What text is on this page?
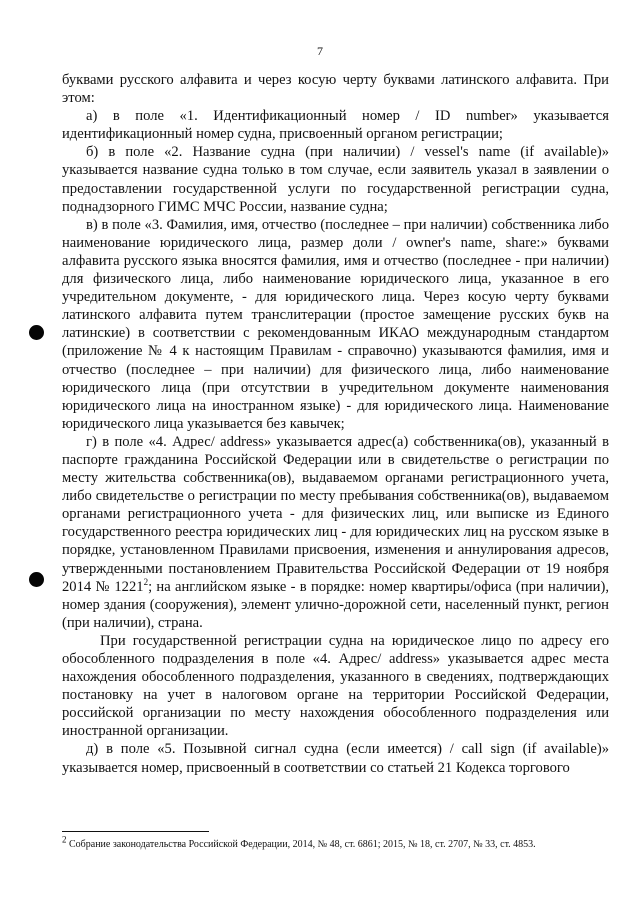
7

буквами русского алфавита и через косую черту буквами латинского алфавита. При этом:

а) в поле «1. Идентификационный номер / ID number» указывается идентификационный номер судна, присвоенный органом регистрации;

б) в поле «2. Название судна (при наличии) / vessel's name (if available)» указывается название судна только в том случае, если заявитель указал в заявлении о предоставлении государственной услуги по государственной регистрации судна, поднадзорного ГИМС МЧС России, название судна;

в) в поле «3. Фамилия, имя, отчество (последнее – при наличии) собственника либо наименование юридического лица, размер доли / owner's name, share:» буквами алфавита русского языка вносятся фамилия, имя и отчество (последнее - при наличии) для физического лица, либо наименование юридического лица, указанное в его учредительном документе, - для юридического лица. Через косую черту буквами латинского алфавита путем транслитерации (простое замещение русских букв на латинские) в соответствии с рекомендованным ИКАО международным стандартом (приложение № 4 к настоящим Правилам - справочно) указываются фамилия, имя и отчество (последнее – при наличии) для физического лица, либо наименование юридического лица (при отсутствии в учредительном документе наименования юридического лица на иностранном языке) - для юридического лица. Наименование юридического лица указывается без кавычек;

г) в поле «4. Адрес/ address» указывается адрес(а) собственника(ов), указанный в паспорте гражданина Российской Федерации или в свидетельстве о регистрации по месту жительства собственника(ов), выдаваемом органами регистрационного учета, либо свидетельстве о регистрации по месту пребывания собственника(ов), выдаваемом органами регистрационного учета - для физических лиц, или выписке из Единого государственного реестра юридических лиц - для юридических лиц на русском языке в порядке, установленном Правилами присвоения, изменения и аннулирования адресов, утвержденными постановлением Правительства Российской Федерации от 19 ноября 2014 № 1221$^2$; на английском языке - в порядке: номер квартиры/офиса (при наличии), номер здания (сооружения), элемент улично-дорожной сети, населенный пункт, регион (при наличии), страна.

При государственной регистрации судна на юридическое лицо по адресу его обособленного подразделения в поле «4. Адрес/ address» указывается адрес места нахождения обособленного подразделения, указанного в сведениях, подтверждающих постановку на учет в налоговом органе на территории Российской Федерации, российской организации по месту нахождения обособленного подразделения или иностранной организации.

д) в поле «5. Позывной сигнал судна (если имеется) / call sign (if available)» указывается номер, присвоенный в соответствии со статьей 21 Кодекса торгового

$^2$ Собрание законодательства Российской Федерации, 2014, № 48, ст. 6861; 2015, № 18, ст. 2707, № 33, ст. 4853.
